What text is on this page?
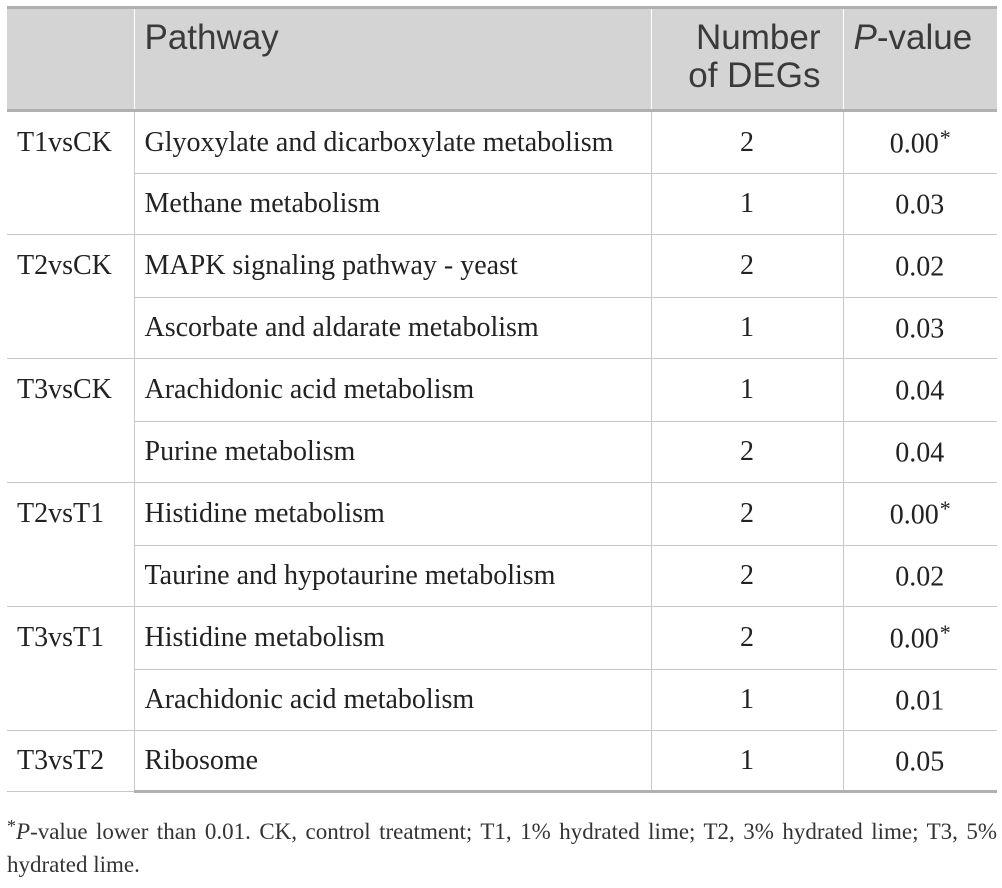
	Pathway	Number of DEGs	P-value
T1vsCK	Glyoxylate and dicarboxylate metabolism	2	0.00*
	Methane metabolism	1	0.03
T2vsCK	MAPK signaling pathway - yeast	2	0.02
	Ascorbate and aldarate metabolism	1	0.03
T3vsCK	Arachidonic acid metabolism	1	0.04
	Purine metabolism	2	0.04
T2vsT1	Histidine metabolism	2	0.00*
	Taurine and hypotaurine metabolism	2	0.02
T3vsT1	Histidine metabolism	2	0.00*
	Arachidonic acid metabolism	1	0.01
T3vsT2	Ribosome	1	0.05
*P-value lower than 0.01. CK, control treatment; T1, 1% hydrated lime; T2, 3% hydrated lime; T3, 5% hydrated lime.
